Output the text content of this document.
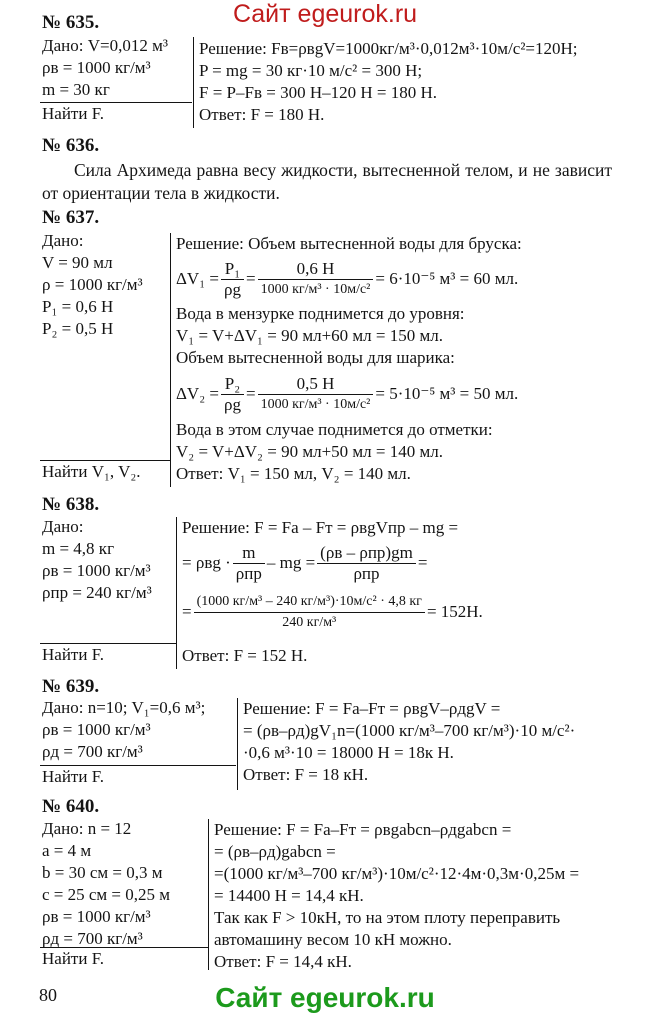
Сайт egeurok.ru
№ 635.
Дано: V=0,012 м³
ρв = 1000 кг/м³
m = 30 кг
Найти F.
Решение: Fв=ρвgV=1000кг/м³·0,012м³·10м/с²=120Н;
P = mg = 30 кг·10 м/с² = 300 Н;
F = P–Fв = 300 Н–120 Н = 180 Н.
Ответ: F = 180 Н.
№ 636.
Сила Архимеда равна весу жидкости, вытесненной телом, и не зависит от ориентации тела в жидкости.
№ 637.
Дано:
V = 90 мл
ρ = 1000 кг/м³
P₁ = 0,6 Н
P₂ = 0,5 Н
Найти V₁, V₂.
Решение: Объем вытесненной воды для бруска:
$\Delta V_1 = \frac{\text{P₁}}{\rho g} = \frac{0,6 Н}{\text{1000 кг/м³ · 10м/с²}} = 6\cdot 10^{-5}$ м³ = 60 мл.
Вода в мензурке поднимется до уровня:
V₁ = V+ΔV₁ = 90 мл+60 мл = 150 мл.
Объем вытесненной воды для шарика:
$\Delta V_2 = \frac{\text{P₂}}{\rho g} = \frac{0,5 Н}{\text{1000 кг/м³ · 10м/с²}} = 5\cdot 10^{-5}$ м³ = 50 мл.
Вода в этом случае поднимется до отметки:
V₂ = V+ΔV₂ = 90 мл+50 мл = 140 мл.
Ответ: V₁ = 150 мл, V₂ = 140 мл.
№ 638.
Дано:
m = 4,8 кг
ρв = 1000 кг/м³
ρпр = 240 кг/м³
Найти F.
Решение: F = Fа – Fт = ρвgVпр – mg =
= $\rho вg \cdot \frac{m}{\text{ρпр}}$ – mg = $\frac{\text{(ρв – ρпр)gm}}{\text{ρпр}}$ =
= $\frac{\text{(1000 кг/м³ – 240 кг/м³)·10м/с² · 4,8 кг}}{\text{240 кг/м³}} = 152Н$.
Ответ: F = 152 Н.
№ 639.
Дано: n=10; V₁=0,6 м³;
ρв = 1000 кг/м³
ρд = 700 кг/м³
Найти F.
Решение: F = Fа–Fт = ρвgV–ρдgV =
= (ρв–ρд)gV₁n=(1000 кг/м³–700 кг/м³)·10 м/с²·
·0,6 м³·10 = 18000 Н = 18к Н.
Ответ: F = 18 кН.
№ 640.
Дано: n = 12
a = 4 м
b = 30 см = 0,3 м
c = 25 см = 0,25 м
ρв = 1000 кг/м³
ρд = 700 кг/м³
Найти F.
Решение: F = Fа–Fт = ρвgabcn–ρдgabcn =
= (ρв–ρд)gabcn =
=(1000 кг/м³–700 кг/м³)·10м/с²·12·4м·0,3м·0,25м =
= 14400 Н = 14,4 кН.
Так как F > 10кН, то на этом плоту переправить
автомашину весом 10 кН можно.
Ответ: F = 14,4 кН.
80	Сайт egeurok.ru
